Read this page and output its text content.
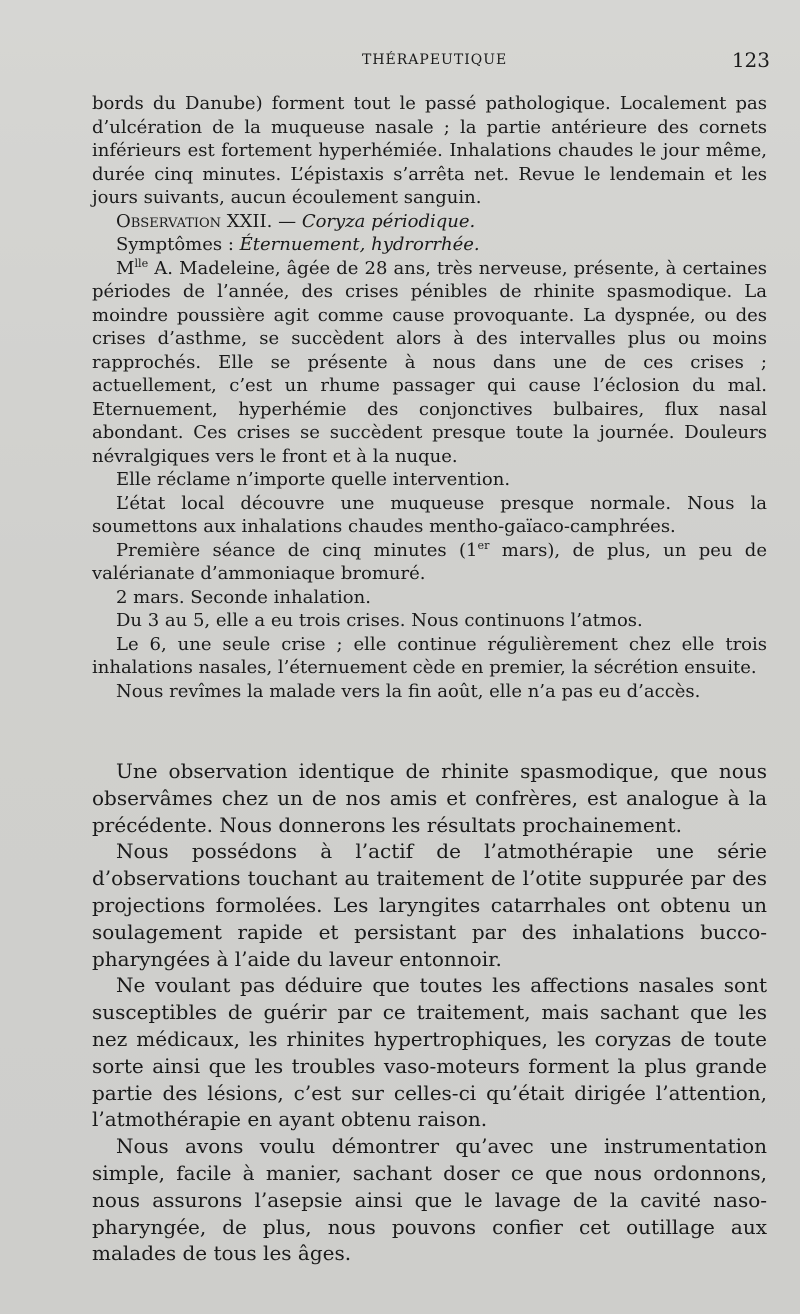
THÉRAPEUTIQUE	123

bords du Danube) forment tout le passé pathologique. Localement pas d’ulcération de la muqueuse nasale ; la partie antérieure des cornets inférieurs est fortement hyperhémiée. Inhalations chaudes le jour même, durée cinq minutes. L’épistaxis s’arrêta net. Revue le lendemain et les jours suivants, aucun écoulement sanguin.

Observation XXII. — Coryza périodique.

Symptômes : Éternuement, hydrorrhée.

$M^{lle}$ A. Madeleine, âgée de 28 ans, très nerveuse, présente, à certaines périodes de l’année, des crises pénibles de rhinite spasmodique. La moindre poussière agit comme cause provoquante. La dyspnée, ou des crises d’asthme, se succèdent alors à des intervalles plus ou moins rapprochés. Elle se présente à nous dans une de ces crises ; actuellement, c’est un rhume passager qui cause l’éclosion du mal. Eternuement, hyperhémie des conjonctives bulbaires, flux nasal abondant. Ces crises se succèdent presque toute la journée. Douleurs névralgiques vers le front et à la nuque.

Elle réclame n’importe quelle intervention.

L’état local découvre une muqueuse presque normale. Nous la soumettons aux inhalations chaudes mentho-gaïaco-camphrées.

Première séance de cinq minutes (1er mars), de plus, un peu de valérianate d’ammoniaque bromuré.

2 mars. Seconde inhalation.

Du 3 au 5, elle a eu trois crises. Nous continuons l’atmos.

Le 6, une seule crise ; elle continue régulièrement chez elle trois inhalations nasales, l’éternuement cède en premier, la sécrétion ensuite.

Nous revîmes la malade vers la fin août, elle n’a pas eu d’accès.

Une observation identique de rhinite spasmodique, que nous observâmes chez un de nos amis et confrères, est analogue à la précédente. Nous donnerons les résultats prochainement.

Nous possédons à l’actif de l’atmothérapie une série d’observations touchant au traitement de l’otite suppurée par des projections formolées. Les laryngites catarrhales ont obtenu un soulagement rapide et persistant par des inhalations bucco-pharyngées à l’aide du laveur entonnoir.

Ne voulant pas déduire que toutes les affections nasales sont susceptibles de guérir par ce traitement, mais sachant que les nez médicaux, les rhinites hypertrophiques, les coryzas de toute sorte ainsi que les troubles vaso-moteurs forment la plus grande partie des lésions, c’est sur celles-ci qu’était dirigée l’attention, l’atmothérapie en ayant obtenu raison.

Nous avons voulu démontrer qu’avec une instrumentation simple, facile à manier, sachant doser ce que nous ordonnons, nous assurons l’asepsie ainsi que le lavage de la cavité naso-pharyngée, de plus, nous pouvons confier cet outillage aux malades de tous les âges.
